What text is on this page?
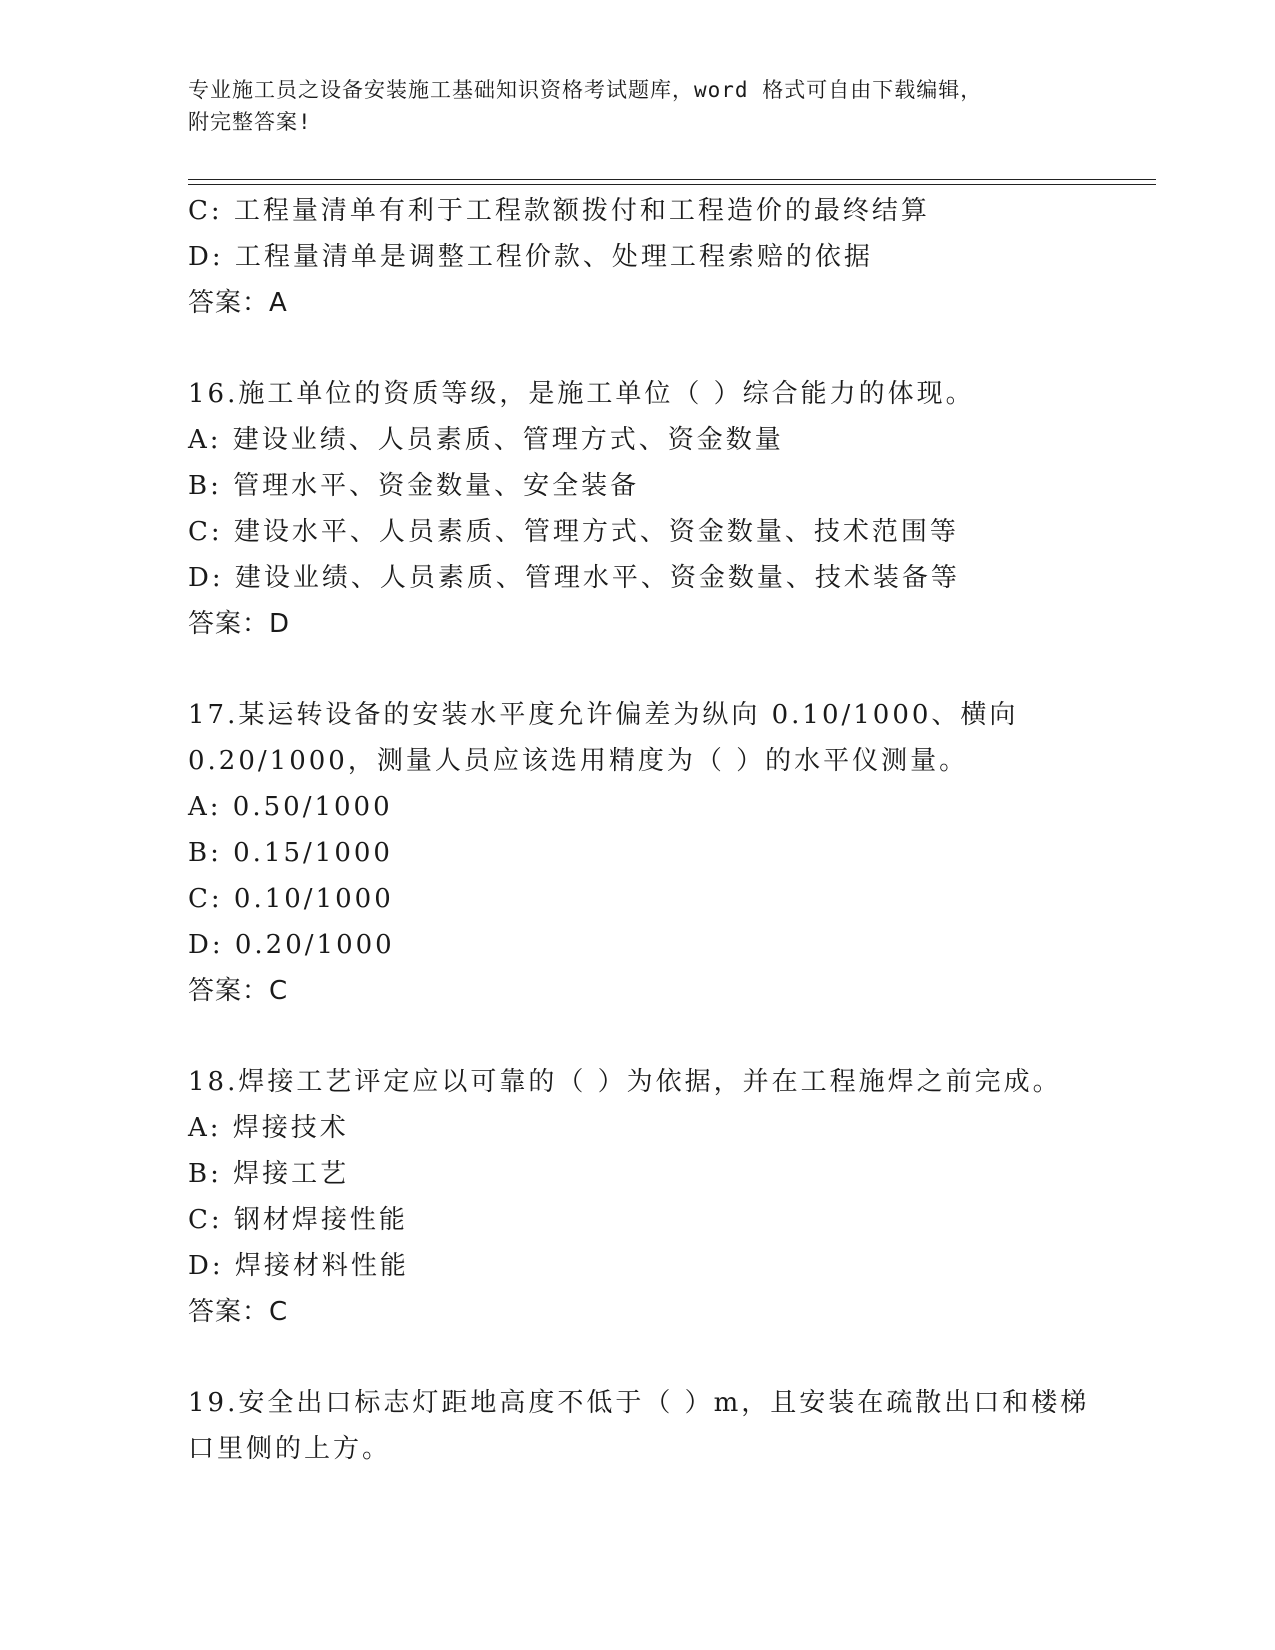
专业施工员之设备安装施工基础知识资格考试题库，word 格式可自由下载编辑，
附完整答案!
C: 工程量清单有利于工程款额拨付和工程造价的最终结算
D: 工程量清单是调整工程价款、处理工程索赔的依据
答案：A
16.施工单位的资质等级，是施工单位（ ）综合能力的体现。
A: 建设业绩、人员素质、管理方式、资金数量
B: 管理水平、资金数量、安全装备
C: 建设水平、人员素质、管理方式、资金数量、技术范围等
D: 建设业绩、人员素质、管理水平、资金数量、技术装备等
答案：D
17.某运转设备的安装水平度允许偏差为纵向 0.10/1000、横向
0.20/1000，测量人员应该选用精度为（ ）的水平仪测量。
A: 0.50/1000
B: 0.15/1000
C: 0.10/1000
D: 0.20/1000
答案：C
18.焊接工艺评定应以可靠的（ ）为依据，并在工程施焊之前完成。
A: 焊接技术
B: 焊接工艺
C: 钢材焊接性能
D: 焊接材料性能
答案：C
19.安全出口标志灯距地高度不低于（ ）m，且安装在疏散出口和楼梯
口里侧的上方。
